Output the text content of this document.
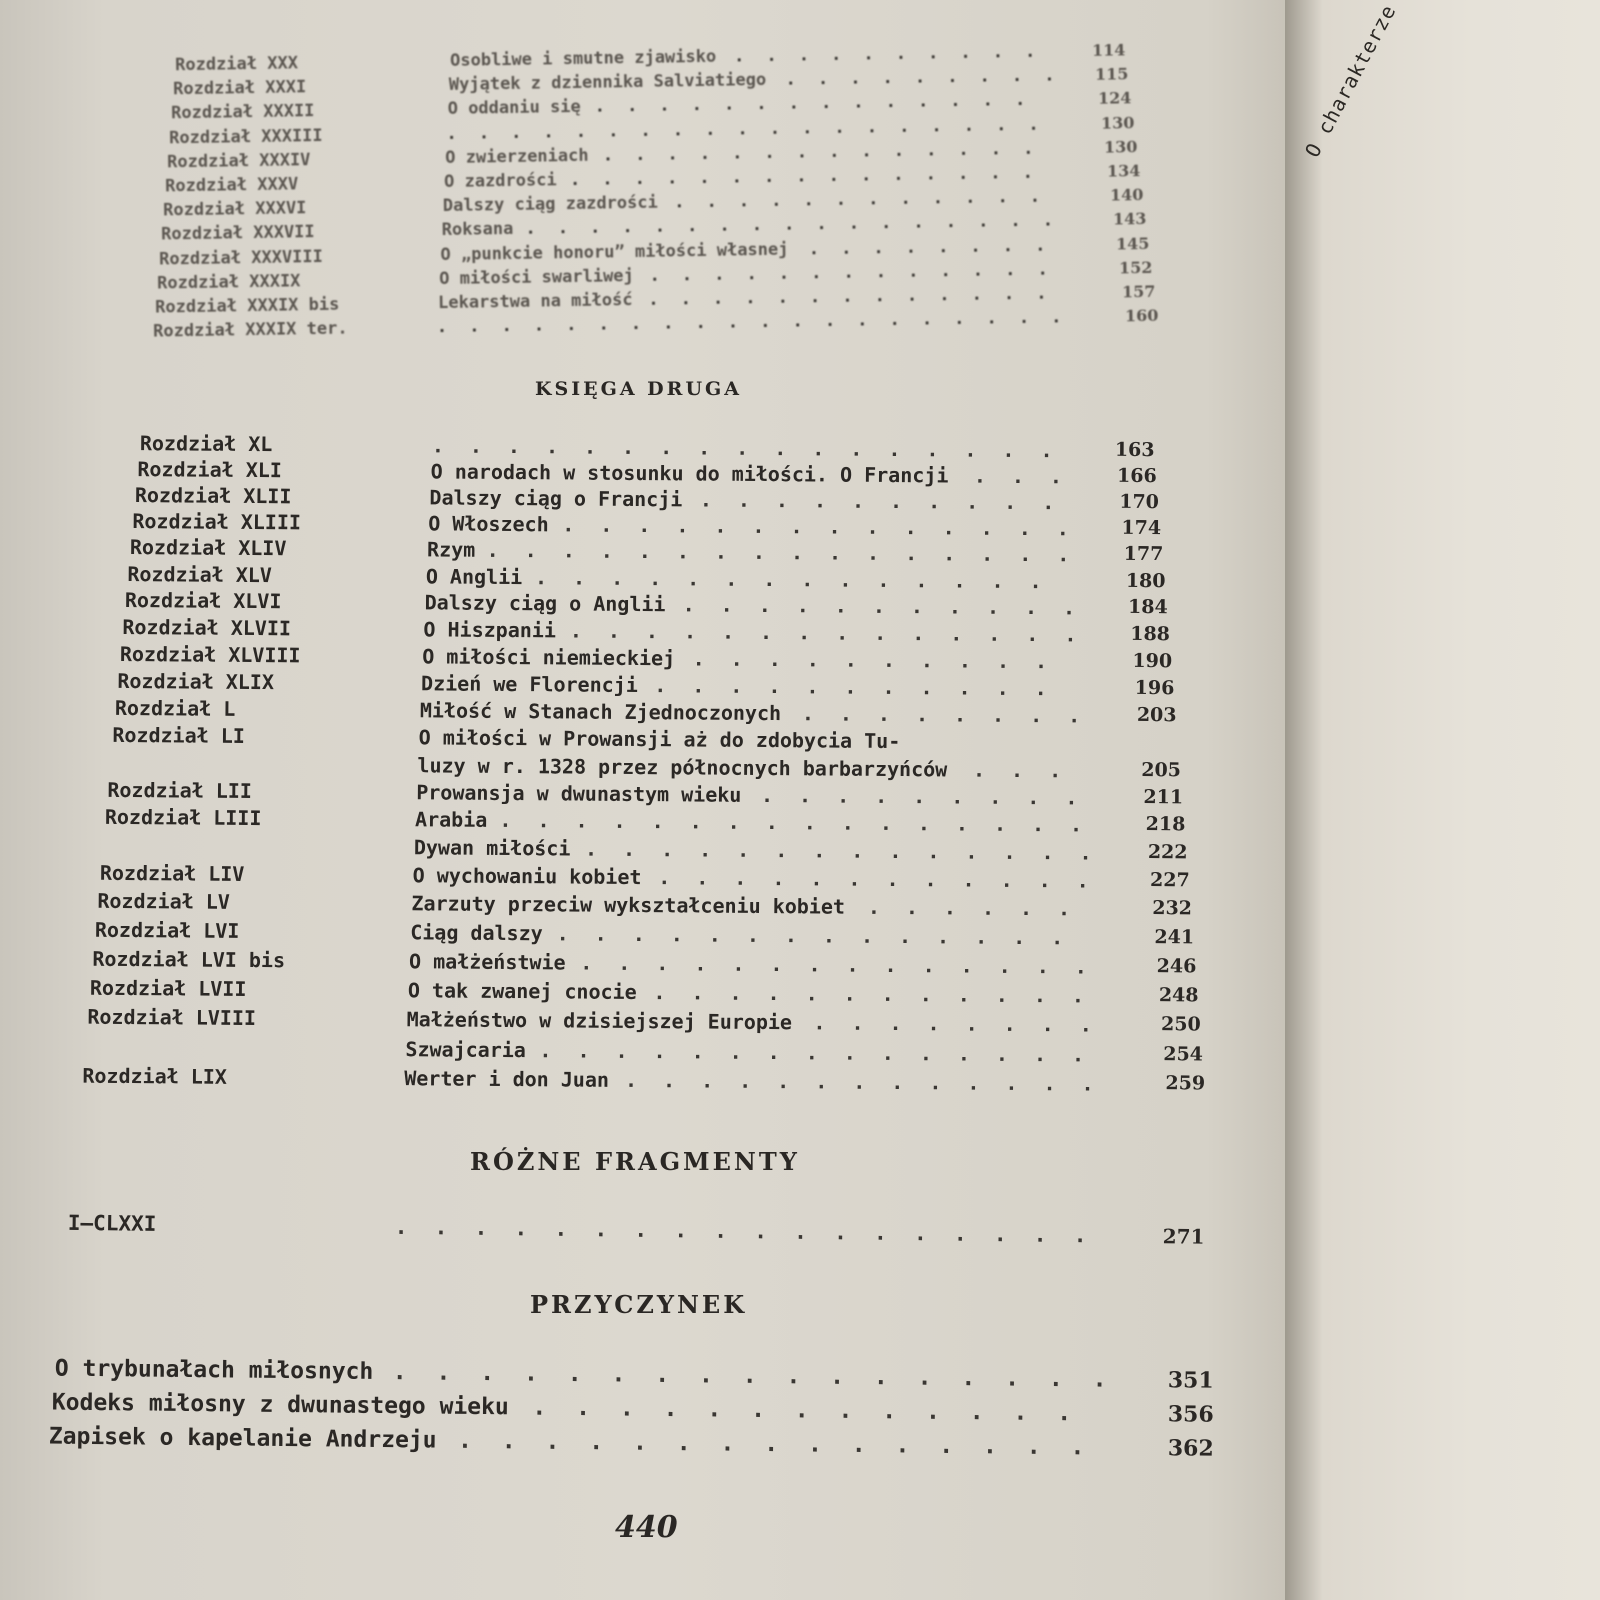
Rozdział XXX	Osobliwe i smutne zjawisko ..........	114
Rozdział XXXI	Wyjątek z dziennika Salviatiego ......... 115
Rozdział XXXII	O oddaniu się ..............	124
Rozdział XXXIII	...................	130
Rozdział XXXIV	O zwierzeniach ..............	130
Rozdział XXXV	O zazdrości ...............	134
Rozdział XXXVI	Dalszy ciąg zazdrości ............	140
Rozdział XXXVII	Roksana .................	143
Rozdział XXXVIII	O „punkcie honoru” miłości własnej ........	145
Rozdział XXXIX	O miłości swarliwej .............	152
Rozdział XXXIX bis	Lekarstwa na miłość .............	157
Rozdział XXXIX ter.	....................	160
Rozdział XL	.................	163
Rozdział XLI	O narodach w stosunku do miłości. O Francji ...	166
Rozdział XLII	Dalszy ciąg o Francji ..........	170
Rozdział XLIII	O Włoszech .............. 174
Rozdział XLIV	Rzym ................ 177
Rozdział XLV	O Anglii ..............	180
Rozdział XLVI	Dalszy ciąg o Anglii ........... 184
Rozdział XLVII	O Hiszpanii .............. 188
Rozdział XLVIII	O miłości niemieckiej ..........	190
Rozdział XLIX	Dzień we Florencji ...........	196
Rozdział L	Miłość w Stanach Zjednoczonych ........ 203
Rozdział LI	O miłości w Prowansji aż do zdobycia Tu-
luzy w r. 1328 przez północnych barbarzyńców ...	205
Rozdział LII	Prowansja w dwunastym wieku .........	211
Rozdział LIII	Arabia ................	218
Dywan miłości .............. 222
Rozdział LIV	O wychowaniu kobiet ............ 227
Rozdział LV	Zarzuty przeciw wykształceniu kobiet ......	232
Rozdział LVI	Ciąg dalszy ..............	241
Rozdział LVI bis	O małżeństwie ..............	246
Rozdział LVII	O tak zwanej cnocie ............	248
Rozdział LVIII	Małżeństwo w dzisiejszej Europie ........	250
Szwajcaria ...............	254
Rozdział LIX	Werter i don Juan .............	259
I—CLXXI	..................	271
O trybunałach miłosnych ................. 351
Kodeks miłosny z dwunastego wieku .............	356
Zapisek o kapelanie Andrzeju ...............	362
KSIĘGA DRUGA
RÓŻNE FRAGMENTY
PRZYCZYNEK
440
